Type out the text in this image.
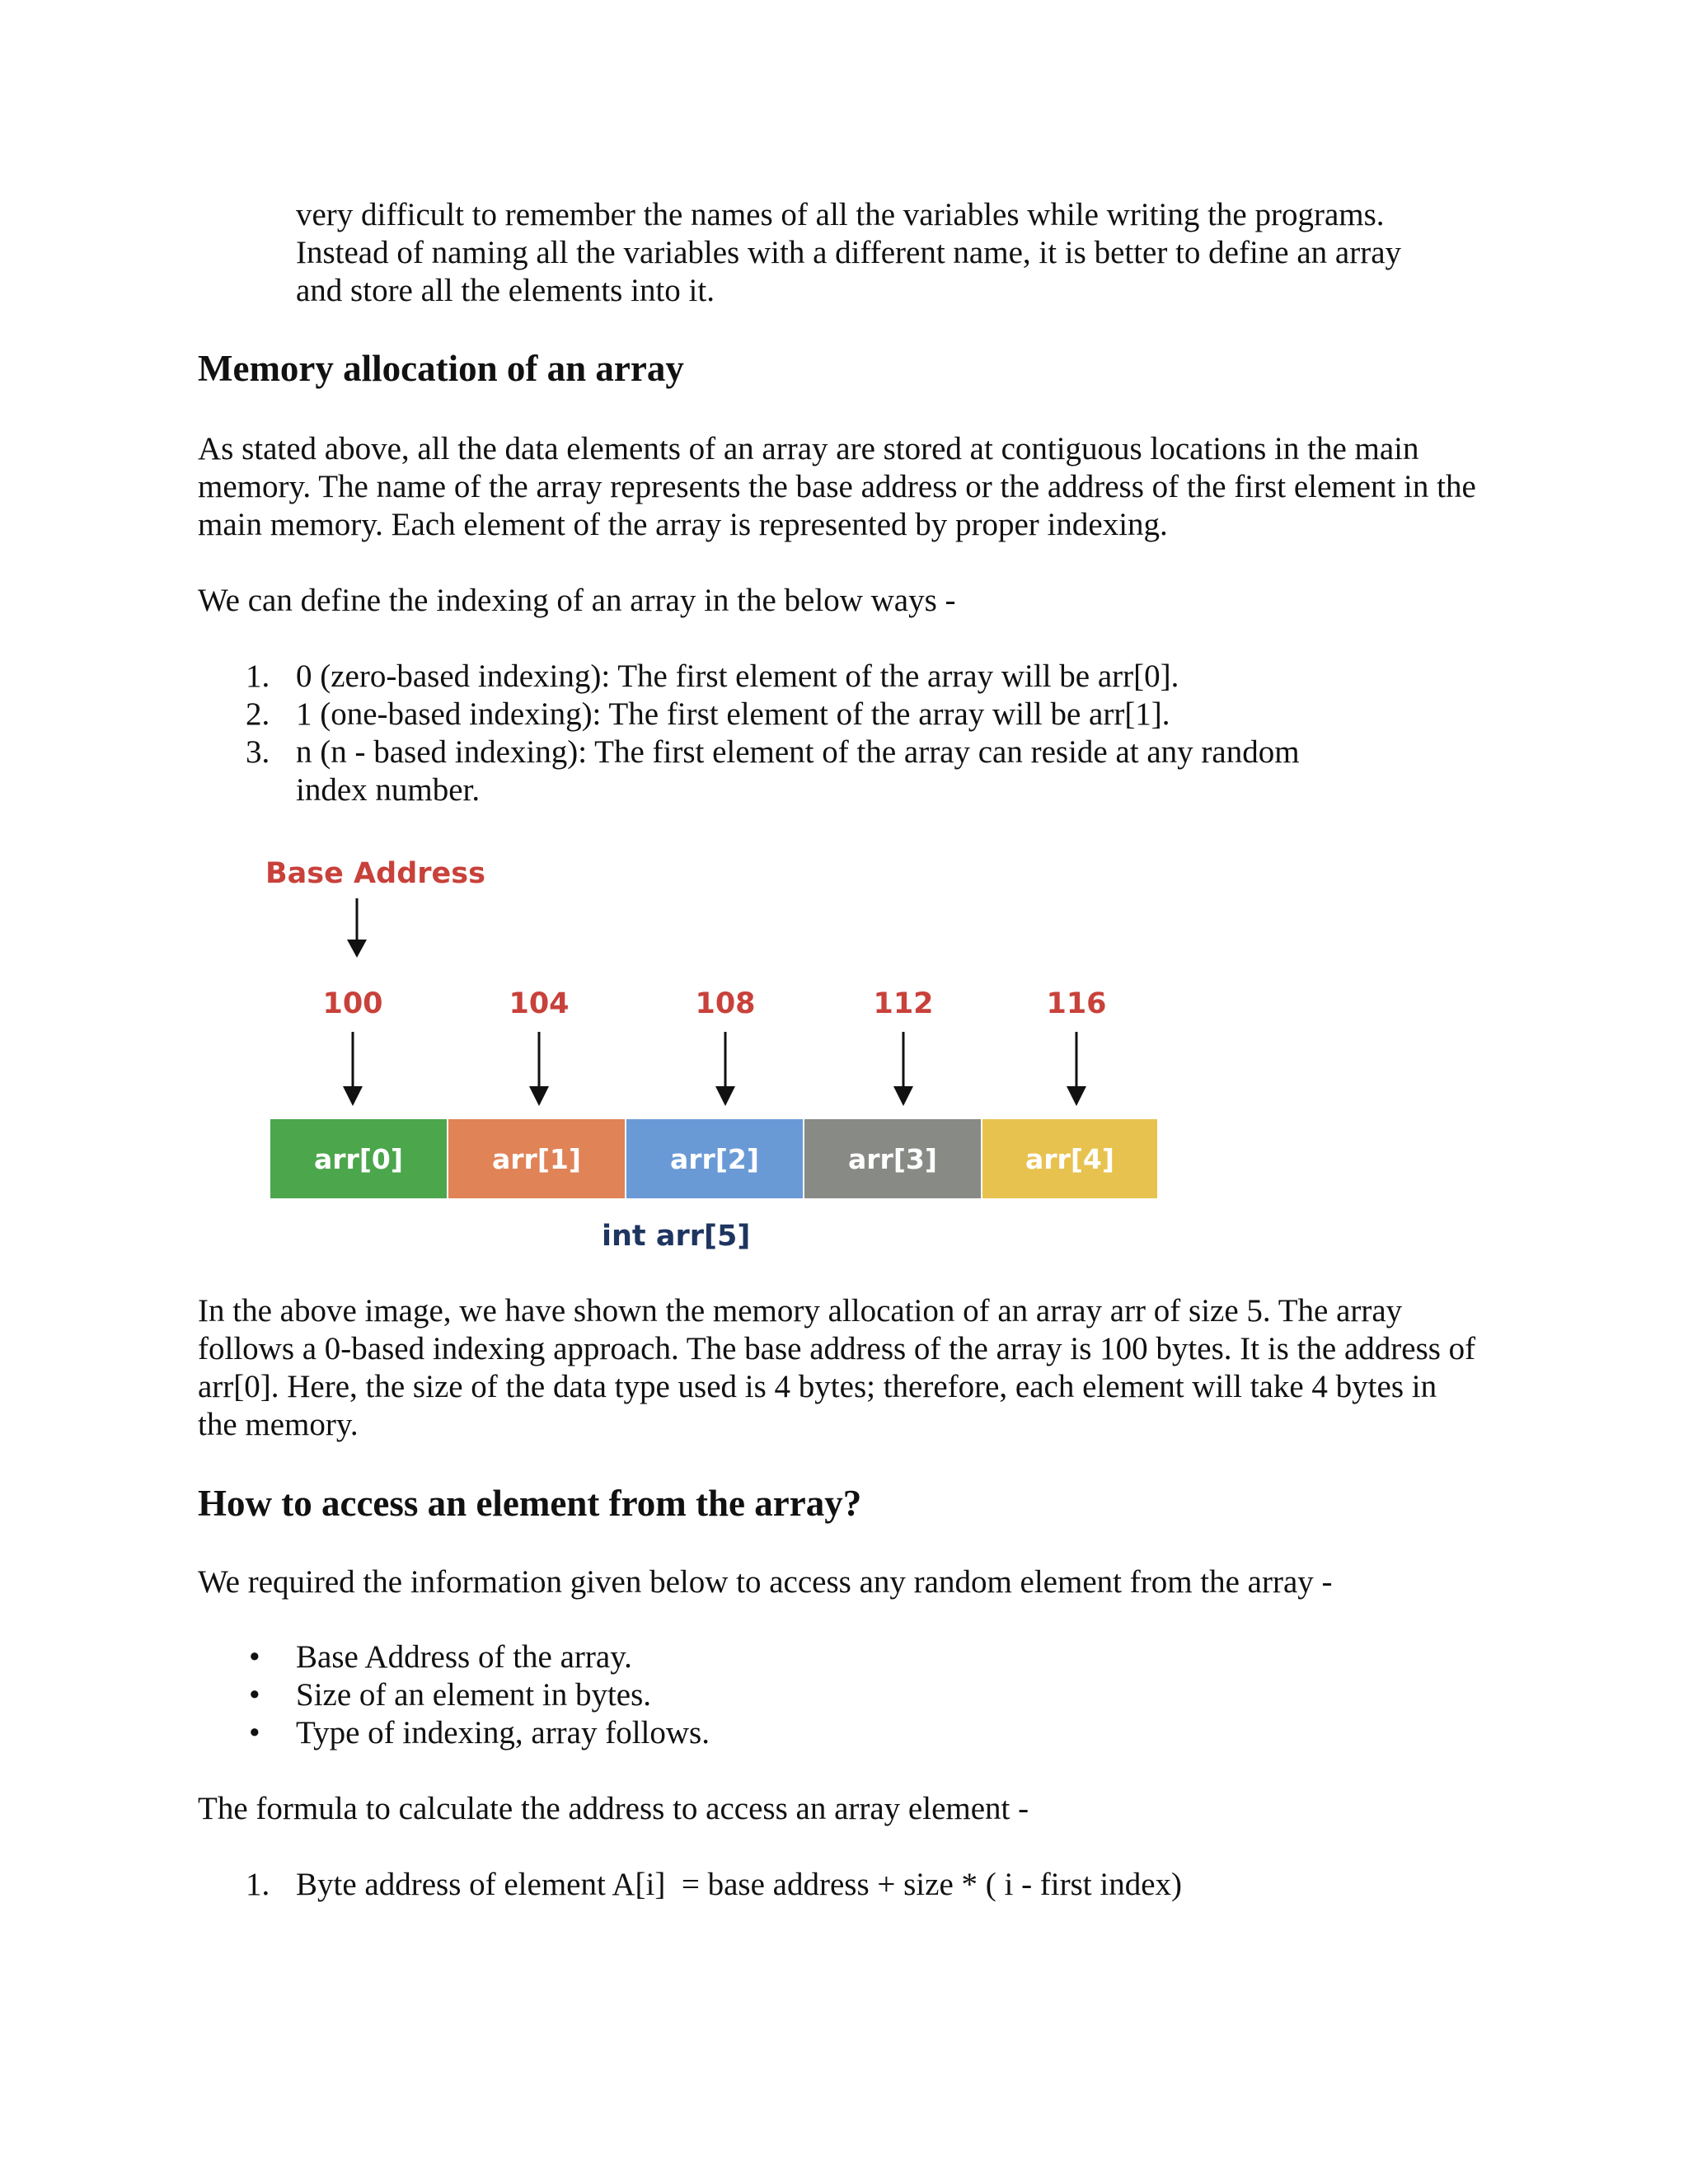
very difficult to remember the names of all the variables while writing the programs.
Instead of naming all the variables with a different name, it is better to define an array
and store all the elements into it.
Memory allocation of an array
As stated above, all the data elements of an array are stored at contiguous locations in the main memory. The name of the array represents the base address or the address of the first element in the main memory. Each element of the array is represented by proper indexing.
We can define the indexing of an array in the below ways -
1. 0 (zero-based indexing): The first element of the array will be arr[0].
2. 1 (one-based indexing): The first element of the array will be arr[1].
3. n (n - based indexing): The first element of the array can reside at any random index number.
Base Address
100	104	108	112	116
arr[0]	arr[1]	arr[2]	arr[3]	arr[4]
int arr[5]
In the above image, we have shown the memory allocation of an array arr of size 5. The array follows a 0-based indexing approach. The base address of the array is 100 bytes. It is the address of arr[0]. Here, the size of the data type used is 4 bytes; therefore, each element will take 4 bytes in the memory.
How to access an element from the array?
We required the information given below to access any random element from the array -
• Base Address of the array.
• Size of an element in bytes.
• Type of indexing, array follows.
The formula to calculate the address to access an array element -
1. Byte address of element A[i]  = base address + size * ( i - first index)
